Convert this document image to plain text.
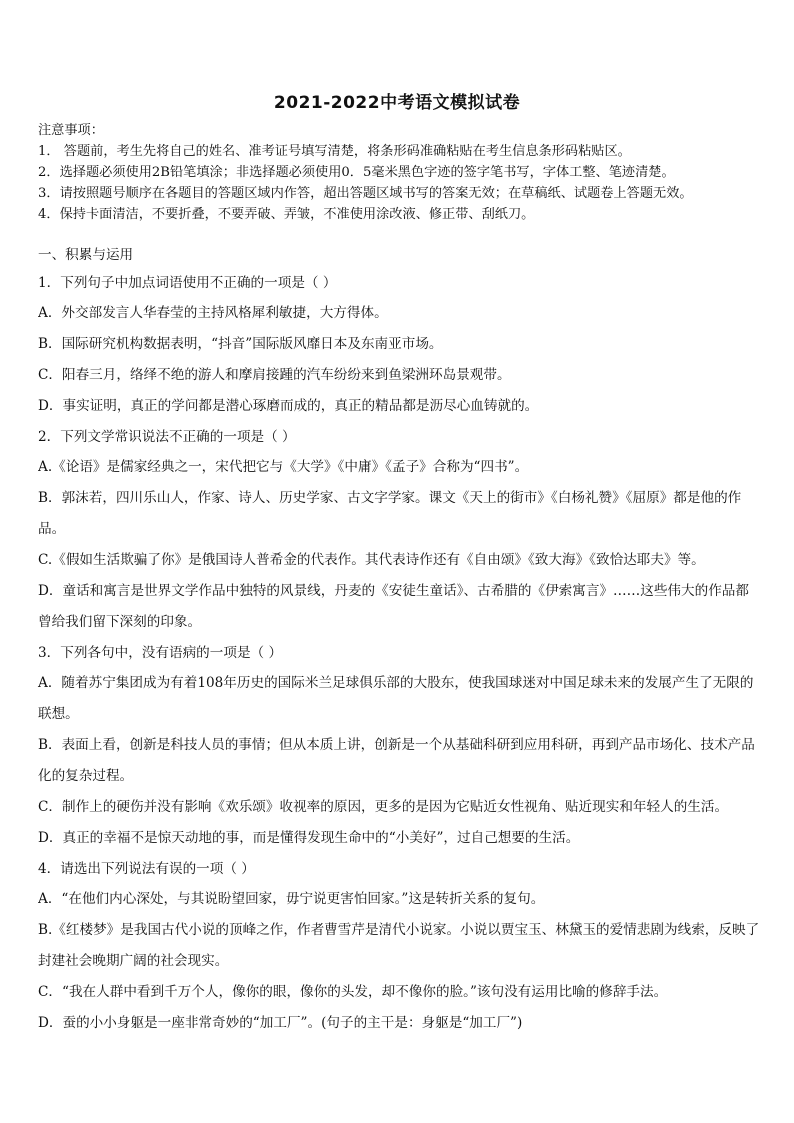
2021-2022中考语文模拟试卷
注意事项：
1． 答题前，考生先将自己的姓名、准考证号填写清楚，将条形码准确粘贴在考生信息条形码粘贴区。
2．选择题必须使用2B铅笔填涂；非选择题必须使用0．5毫米黑色字迹的签字笔书写，字体工整、笔迹清楚。
3．请按照题号顺序在各题目的答题区域内作答，超出答题区域书写的答案无效；在草稿纸、试题卷上答题无效。
4．保持卡面清洁，不要折叠，不要弄破、弄皱，不准使用涂改液、修正带、刮纸刀。
一、积累与运用
1．下列句子中加点词语使用不正确的一项是（ ）
A．外交部发言人华春莹的主持风格犀利敏捷，大方得体。
B．国际研究机构数据表明，“抖音”国际版风靡日本及东南亚市场。
C．阳春三月，络绎不绝的游人和摩肩接踵的汽车纷纷来到鱼梁洲环岛景观带。
D．事实证明，真正的学问都是潜心琢磨而成的，真正的精品都是沥尽心血铸就的。
2．下列文学常识说法不正确的一项是（ ）
A.《论语》是儒家经典之一，宋代把它与《大学》《中庸》《孟子》合称为“四书”。
B．郭沫若，四川乐山人，作家、诗人、历史学家、古文字学家。课文《天上的街市》《白杨礼赞》《屈原》都是他的作品。
C.《假如生活欺骗了你》是俄国诗人普希金的代表作。其代表诗作还有《自由颂》《致大海》《致恰达耶夫》等。
D．童话和寓言是世界文学作品中独特的风景线，丹麦的《安徒生童话》、古希腊的《伊索寓言》……这些伟大的作品都曾给我们留下深刻的印象。
3．下列各句中，没有语病的一项是（ ）
A．随着苏宁集团成为有着108年历史的国际米兰足球俱乐部的大股东，使我国球迷对中国足球未来的发展产生了无限的联想。
B．表面上看，创新是科技人员的事情；但从本质上讲，创新是一个从基础科研到应用科研，再到产品市场化、技术产品化的复杂过程。
C．制作上的硬伤并没有影响《欢乐颂》收视率的原因，更多的是因为它贴近女性视角、贴近现实和年轻人的生活。
D．真正的幸福不是惊天动地的事，而是懂得发现生命中的“小美好”，过自己想要的生活。
4．请选出下列说法有误的一项（ ）
A．“在他们内心深处，与其说盼望回家，毋宁说更害怕回家。”这是转折关系的复句。
B.《红楼梦》是我国古代小说的顶峰之作，作者曹雪芹是清代小说家。小说以贾宝玉、林黛玉的爱情悲剧为线索，反映了封建社会晚期广阔的社会现实。
C．“我在人群中看到千万个人，像你的眼，像你的头发，却不像你的脸。”该句没有运用比喻的修辞手法。
D．蚕的小小身躯是一座非常奇妙的“加工厂”。(句子的主干是：身躯是“加工厂”)
